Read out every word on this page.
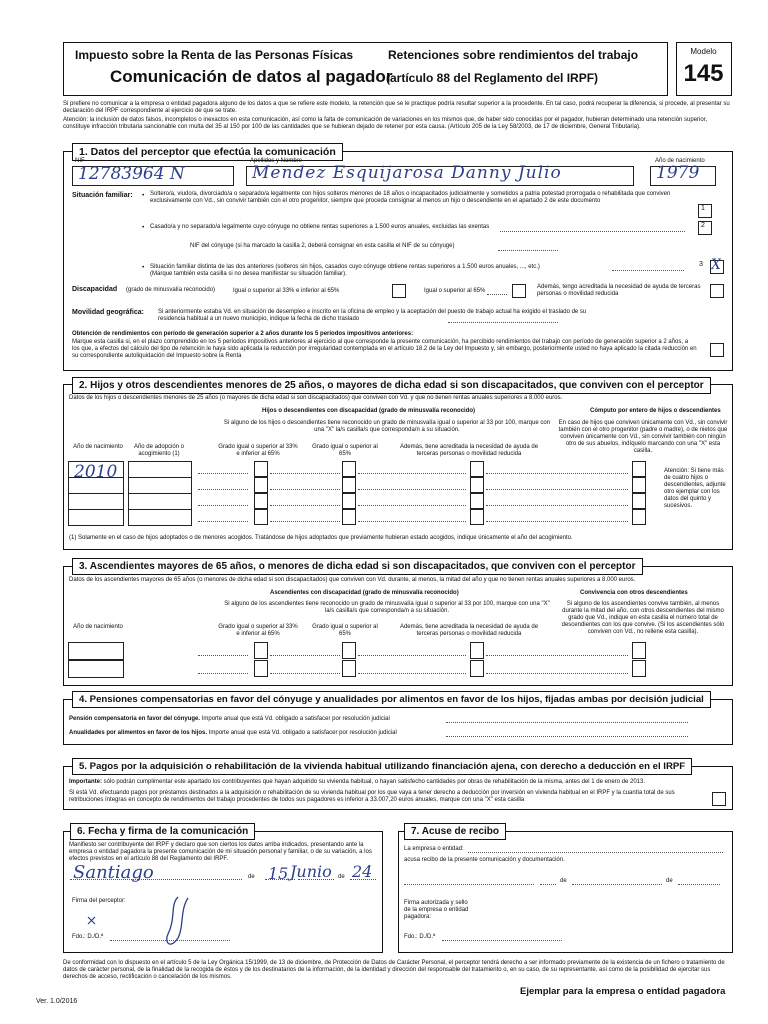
Impuesto sobre la Renta de las Personas Físicas	Retenciones sobre rendimientos del trabajo
Comunicación de datos al pagador
(artículo 88 del Reglamento del IRPF)
Modelo
145
Si prefiere no comunicar a la empresa o entidad pagadora alguno de los datos a que se refiere este modelo, la retención que se le practique podría resultar superior a la procedente. En tal caso, podrá recuperar la diferencia, si procede, al presentar su declaración del IRPF correspondiente al ejercicio de que se trate.
Atención: la inclusión de datos falsos, incompletos o inexactos en esta comunicación, así como la falta de comunicación de variaciones en los mismos que, de haber sido conocidas por el pagador, hubieran determinado una retención superior, constituye infracción tributaria sancionable con multa del 35 al 150 por 100 de las cantidades que se hubieran dejado de retener por esta causa. (Artículo 205 de la Ley 58/2003, de 17 de diciembre, General Tributaria).
1. Datos del perceptor que efectúa la comunicación
NIF
12783964 N
Apellidos y Nombre
Mendez Esquijarosa Danny Julio
Año de nacimiento
1979
Situación familiar: • Soltero/a, viudo/a, divorciado/a o separado/a legalmente con hijos solteros menores de 18 años o incapacitados judicialmente y sometidos a patria potestad prorrogada o rehabilitada que conviven exclusivamente con Vd., sin convivir también con el otro progenitor, siempre que proceda consignar al menos un hijo o descendiente en el apartado 2 de este documento
1
• Casado/a y no separado/a legalmente cuyo cónyuge no obtiene rentas superiores a 1.500 euros anuales, excluidas las exentas	2
NIF del cónyuge (si ha marcado la casilla 2, deberá consignar en esta casilla el NIF de su cónyuge)
• Situación familiar distinta de las dos anteriores (solteros sin hijos, casados cuyo cónyuge obtiene rentas superiores a 1.500 euros anuales, ..., etc.)
(Marque también esta casilla si no desea manifestar su situación familiar).
3 X
Discapacidad (grado de minusvalía reconocido)	Igual o superior al 33% e inferior al 65%	Igual o superior al 65%
Además, tengo acreditada la necesidad de ayuda de terceras personas o movilidad reducida
Movilidad geográfica: Si anteriormente estaba Vd. en situación de desempleo e inscrito en la oficina de empleo y la aceptación del puesto de trabajo actual ha exigido el traslado de su residencia habitual a un nuevo municipio, indique la fecha de dicho traslado
Obtención de rendimientos con período de generación superior a 2 años durante los 5 períodos impositivos anteriores:
Marque esta casilla si, en el plazo comprendido en los 5 períodos impositivos anteriores al ejercicio al que corresponde la presente comunicación, ha percibido rendimientos del trabajo con período de generación superior a 2 años, a los que, a efectos del cálculo del tipo de retención le haya sido aplicada la reducción por irregularidad contemplada en el artículo 18.2 de la Ley del Impuesto y, sin embargo, posteriormente usted no haya aplicado la citada reducción en su correspondiente autoliquidación del Impuesto sobre la Renta
2. Hijos y otros descendientes menores de 25 años, o mayores de dicha edad si son discapacitados, que conviven con el perceptor
Datos de los hijos o descendientes menores de 25 años (o mayores de dicha edad si son discapacitados) que conviven con Vd. y que no tienen rentas anuales superiores a 8.000 euros.
Hijos o descendientes con discapacidad (grado de minusvalía reconocido)	Cómputo por entero de hijos o descendientes
Si alguno de los hijos o descendientes tiene reconocido un grado de minusvalía igual o superior al 33 por 100, marque con una "X" la/s casilla/s que corresponda/n a su situación.
En caso de hijos que conviven únicamente con Vd., sin convivir también con el otro progenitor (padre o madre), o de nietos que conviven únicamente con Vd., sin convivir también con ningún otro de sus abuelos, indíquelo marcando con una "X" esta casilla.
Año de nacimiento	Año de adopción o acogimiento (1)
Grado igual o superior al 33% e inferior al 65%
Grado igual o superior al 65%
Además, tiene acreditada la necesidad de ayuda de terceras personas o movilidad reducida
2010	Atención: Si tiene más de cuatro hijos o descendientes, adjunte otro ejemplar con los datos del quinto y sucesivos.
(1) Solamente en el caso de hijos adoptados o de menores acogidos. Tratándose de hijos adoptados que previamente hubieran estado acogidos, indique únicamente el año del acogimiento.
3. Ascendientes mayores de 65 años, o menores de dicha edad si son discapacitados, que conviven con el perceptor
Datos de los ascendientes mayores de 65 años (o menores de dicha edad si son discapacitados) que conviven con Vd. durante, al menos, la mitad del año y que no tienen rentas anuales superiores a 8.000 euros.
Ascendientes con discapacidad (grado de minusvalía reconocido)	Convivencia con otros descendientes
Si alguno de los ascendientes tiene reconocido un grado de minusvalía igual o superior al 33 por 100, marque con una "X" la/s casilla/s que corresponda/n a su situación.
Si alguno de los ascendientes convive también, al menos durante la mitad del año, con otros descendientes del mismo grado que Vd., indique en esta casilla el número total de descendientes con los que convive. (Si los ascendientes sólo conviven con Vd., no rellene esta casilla).
Año de nacimiento	Grado igual o superior al 33% e inferior al 65%
Grado igual o superior al 65%
Además, tiene acreditada la necesidad de ayuda de terceras personas o movilidad reducida
4. Pensiones compensatorias en favor del cónyuge y anualidades por alimentos en favor de los hijos, fijadas ambas por decisión judicial
Pensión compensatoria en favor del cónyuge. Importe anual que está Vd. obligado a satisfacer por resolución judicial
Anualidades por alimentos en favor de los hijos. Importe anual que está Vd. obligado a satisfacer por resolución judicial
5. Pagos por la adquisición o rehabilitación de la vivienda habitual utilizando financiación ajena, con derecho a deducción en el IRPF
Importante: sólo podrán cumplimentar este apartado los contribuyentes que hayan adquirido su vivienda habitual, o hayan satisfecho cantidades por obras de rehabilitación de la misma, antes del 1 de enero de 2013.
Si está Vd. efectuando pagos por préstamos destinados a la adquisición o rehabilitación de su vivienda habitual por los que vaya a tener derecho a deducción por inversión en vivienda habitual en el IRPF y la cuantía total de sus retribuciones íntegras en concepto de rendimientos del trabajo procedentes de todos sus pagadores es inferior a 33.007,20 euros anuales, marque con una "X" esta casilla
6. Fecha y firma de la comunicación
Manifiesto ser contribuyente del IRPF y declaro que son ciertos los datos arriba indicados, presentando ante la empresa o entidad pagadora la presente comunicación de mi situación personal y familiar, o de su variación, a los efectos previstos en el artículo 88 del Reglamento del IRPF.
Santiago	de 15 Junio de 24
Firma del perceptor:
Fdo.: D./D.ª
7. Acuse de recibo
La empresa o entidad:
acusa recibo de la presente comunicación y documentación.
de	de
Firma autorizada y sello de la empresa o entidad pagadora:
Fdo.: D./D.ª
De conformidad con lo dispuesto en el artículo 5 de la Ley Orgánica 15/1999, de 13 de diciembre, de Protección de Datos de Carácter Personal, el perceptor tendrá derecho a ser informado previamente de la existencia de un fichero o tratamiento de datos de carácter personal, de la finalidad de la recogida de éstos y de los destinatarios de la información, de la identidad y dirección del responsable del tratamiento o, en su caso, de su representante, así como de la posibilidad de ejercitar sus derechos de acceso, rectificación o cancelación de los mismos.
Ejemplar para la empresa o entidad pagadora
Ver. 1.0/2016
